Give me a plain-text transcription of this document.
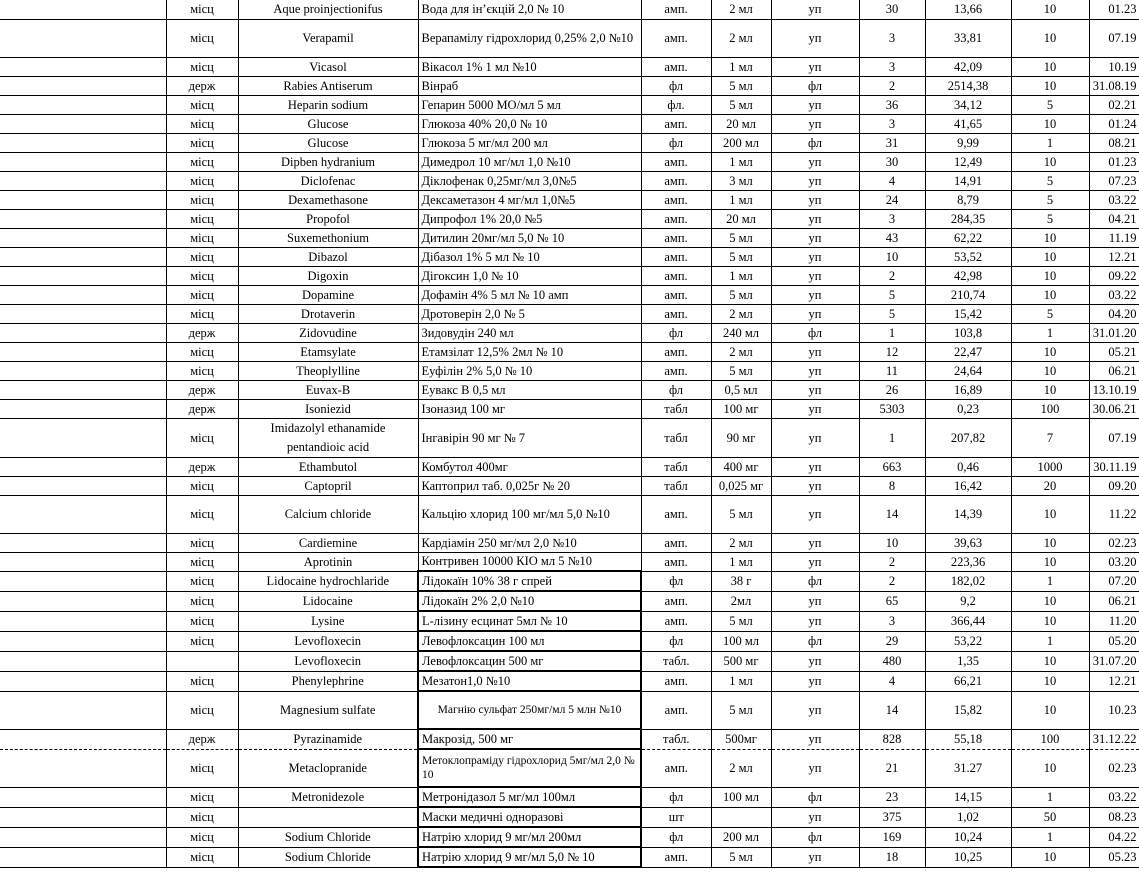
	місц	Aque proinjectionifus	Вода для ін’єкцій 2,0 № 10	амп.	2 мл	уп	30	13,66	10	01.23
	місц	Verapamil	Верапамілу гідрохлорид 0,25% 2,0 №10	амп.	2 мл	уп	3	33,81	10	07.19
	місц	Vicasol	Вікасол 1% 1 мл №10	амп.	1 мл	уп	3	42,09	10	10.19
	держ	Rabies Antiserum	Вінраб	фл	5 мл	фл	2	2514,38	10	31.08.19
	місц	Heparin sodium	Гепарин 5000 МО/мл 5 мл	фл.	5 мл	уп	36	34,12	5	02.21
	місц	Glucose	Глюкоза 40% 20,0 № 10	амп.	20 мл	уп	3	41,65	10	01.24
	місц	Glucose	Глюкоза 5 мг/мл 200 мл	фл	200 мл	фл	31	9,99	1	08.21
	місц	Dipben hydranium	Димедрол 10 мг/мл 1,0 №10	амп.	1 мл	уп	30	12,49	10	01.23
	місц	Diclofenac	Діклофенак 0,25мг/мл 3,0№5	амп.	3 мл	уп	4	14,91	5	07.23
	місц	Dexamethasone	Дексаметазон 4 мг/мл 1,0№5	амп.	1 мл	уп	24	8,79	5	03.22
	місц	Propofol	Дипрофол 1% 20,0 №5	амп.	20 мл	уп	3	284,35	5	04.21
	місц	Suxemethonium	Дитилин 20мг/мл 5,0 № 10	амп.	5 мл	уп	43	62,22	10	11.19
	місц	Dibazol	Дібазол 1% 5 мл № 10	амп.	5 мл	уп	10	53,52	10	12.21
	місц	Digoxin	Дігоксин 1,0 № 10	амп.	1 мл	уп	2	42,98	10	09.22
	місц	Dopamine	Дофамін 4% 5 мл № 10 амп	амп.	5 мл	уп	5	210,74	10	03.22
	місц	Drotaverin	Дротоверін 2,0 № 5	амп.	2 мл	уп	5	15,42	5	04.20
	держ	Zidovudine	Зидовудін 240 мл	фл	240 мл	фл	1	103,8	1	31.01.20
	місц	Etamsylate	Етамзілат 12,5% 2мл № 10	амп.	2 мл	уп	12	22,47	10	05.21
	місц	Theoplylline	Еуфілін 2% 5,0 № 10	амп.	5 мл	уп	11	24,64	10	06.21
	держ	Euvax-B	Еувакс В 0,5 мл	фл	0,5 мл	уп	26	16,89	10	13.10.19
	держ	Isoniezid	Ізоназид 100 мг	табл	100 мг	уп	5303	0,23	100	30.06.21
	місц	Imidazolyl ethanamide pentandioic acid	Інгавірін 90 мг № 7	табл	90 мг	уп	1	207,82	7	07.19
	держ	Ethambutol	Комбутол 400мг	табл	400 мг	уп	663	0,46	1000	30.11.19
	місц	Captopril	Каптоприл таб. 0,025г № 20	табл	0,025 мг	уп	8	16,42	20	09.20
	місц	Calcium chloride	Кальцію хлорид 100 мг/мл 5,0 №10	амп.	5 мл	уп	14	14,39	10	11.22
	місц	Cardiemine	Кардіамін 250 мг/мл 2,0 №10	амп.	2 мл	уп	10	39,63	10	02.23
	місц	Aprotinin	Контривен 10000 КІО мл 5 №10	амп.	1 мл	уп	2	223,36	10	03.20
	місц	Lidocaine hydrochlaride	Лідокаїн 10% 38 г спрей	фл	38 г	фл	2	182,02	1	07.20
	місц	Lidocaine	Лідокаїн 2% 2,0 №10	амп.	2мл	уп	65	9,2	10	06.21
	місц	Lysine	L-лізину есцинат 5мл № 10	амп.	5 мл	уп	3	366,44	10	11.20
	місц	Levofloxecin	Левофлоксацин 100 мл	фл	100 мл	фл	29	53,22	1	05.20
		Levofloxecin	Левофлоксацин 500 мг	табл.	500 мг	уп	480	1,35	10	31.07.20
	місц	Phenylephrine	Мезатон1,0 №10	амп.	1 мл	уп	4	66,21	10	12.21
	місц	Magnesium sulfate	Магнію сульфат 250мг/мл 5 млн №10	амп.	5 мл	уп	14	15,82	10	10.23
	держ	Pyrazinamide	Макрозід, 500 мг	табл.	500мг	уп	828	55,18	100	31.12.22
	місц	Metaclopranide	Метоклопраміду гідрохлорид 5мг/мл 2,0 № 10	амп.	2 мл	уп	21	31.27	10	02.23
	місц	Metronidezole	Метронідазол 5 мг/мл 100мл	фл	100 мл	фл	23	14,15	1	03.22
	місц		Маски медичні одноразові	шт		уп	375	1,02	50	08.23
	місц	Sodium Chloride	Натрію хлорид 9 мг/мл 200мл	фл	200 мл	фл	169	10,24	1	04.22
	місц	Sodium Chloride	Натрію хлорид 9 мг/мл 5,0 № 10	амп.	5 мл	уп	18	10,25	10	05.23
